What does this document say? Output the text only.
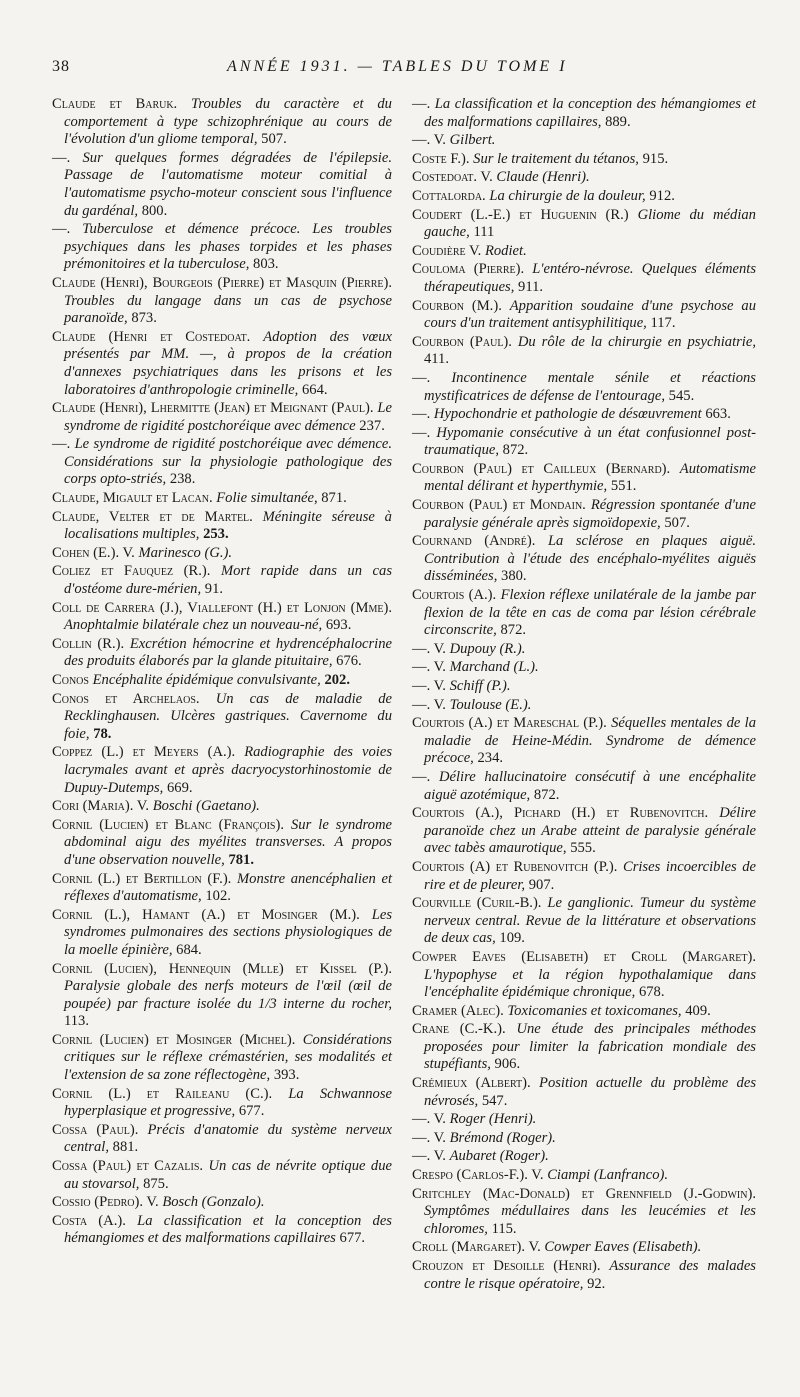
38	ANNÉE 1931. — TABLES DU TOME I

Claude et Baruk. Troubles du caractère et du comportement à type schizophrénique au cours de l'évolution d'un gliome temporal, 507.

—. Sur quelques formes dégradées de l'épilepsie. Passage de l'automatisme moteur comitial à l'automatisme psycho-moteur conscient sous l'influence du gardénal, 800.

—. Tuberculose et démence précoce. Les troubles psychiques dans les phases torpides et les phases prémonitoires et la tuberculose, 803.

Claude (Henri), Bourgeois (Pierre) et Masquin (Pierre). Troubles du langage dans un cas de psychose paranoïde, 873.

Claude (Henri et Costedoat. Adoption des vœux présentés par MM. —, à propos de la création d'annexes psychiatriques dans les prisons et les laboratoires d'anthropologie criminelle, 664.

Claude (Henri), Lhermitte (Jean) et Meignant (Paul). Le syndrome de rigidité postchoréique avec démence 237.

—. Le syndrome de rigidité postchoréique avec démence. Considérations sur la physiologie pathologique des corps opto-striés, 238.

Claude, Migault et Lacan. Folie simultanée, 871.

Claude, Velter et de Martel. Méningite séreuse à localisations multiples, 253.

Cohen (E.). V. Marinesco (G.).

Coliez et Fauquez (R.). Mort rapide dans un cas d'ostéome dure-mérien, 91.

Coll de Carrera (J.), Viallefont (H.) et Lonjon (Mme). Anophtalmie bilatérale chez un nouveau-né, 693.

Collin (R.). Excrétion hémocrine et hydrencéphalocrine des produits élaborés par la glande pituitaire, 676.

Conos Encéphalite épidémique convulsivante, 202.

Conos et Archelaos. Un cas de maladie de Recklinghausen. Ulcères gastriques. Cavernome du foie, 78.

Coppez (L.) et Meyers (A.). Radiographie des voies lacrymales avant et après dacryocystorhinostomie de Dupuy-Dutemps, 669.

Cori (Maria). V. Boschi (Gaetano).

Cornil (Lucien) et Blanc (François). Sur le syndrome abdominal aigu des myélites transverses. A propos d'une observation nouvelle, 781.

Cornil (L.) et Bertillon (F.). Monstre anencéphalien et réflexes d'automatisme, 102.

Cornil (L.), Hamant (A.) et Mosinger (M.). Les syndromes pulmonaires des sections physiologiques de la moelle épinière, 684.

Cornil (Lucien), Hennequin (Mlle) et Kissel (P.). Paralysie globale des nerfs moteurs de l'œil (œil de poupée) par fracture isolée du 1/3 interne du rocher, 113.

Cornil (Lucien) et Mosinger (Michel). Considérations critiques sur le réflexe crémastérien, ses modalités et l'extension de sa zone réflectogène, 393.

Cornil (L.) et Raileanu (C.). La Schwannose hyperplasique et progressive, 677.

Cossa (Paul). Précis d'anatomie du système nerveux central, 881.

Cossa (Paul) et Cazalis. Un cas de névrite optique due au stovarsol, 875.

Cossio (Pedro). V. Bosch (Gonzalo).

Costa (A.). La classification et la conception des hémangiomes et des malformations capillaires 677.

—. La classification et la conception des hémangiomes et des malformations capillaires, 889.

—. V. Gilbert.

Coste F.). Sur le traitement du tétanos, 915.

Costedoat. V. Claude (Henri).

Cottalorda. La chirurgie de la douleur, 912.

Coudert (L.-E.) et Huguenin (R.) Gliome du médian gauche, 111

Coudière V. Rodiet.

Couloma (Pierre). L'entéro-névrose. Quelques éléments thérapeutiques, 911.

Courbon (M.). Apparition soudaine d'une psychose au cours d'un traitement antisyphilitique, 117.

Courbon (Paul). Du rôle de la chirurgie en psychiatrie, 411.

—. Incontinence mentale sénile et réactions mystificatrices de défense de l'entourage, 545.

—. Hypochondrie et pathologie de désœuvrement 663.

—. Hypomanie consécutive à un état confusionnel post-traumatique, 872.

Courbon (Paul) et Cailleux (Bernard). Automatisme mental délirant et hyperthymie, 551.

Courbon (Paul) et Mondain. Régression spontanée d'une paralysie générale après sigmoïdopexie, 507.

Cournand (André). La sclérose en plaques aiguë. Contribution à l'étude des encéphalo-myélites aiguës disséminées, 380.

Courtois (A.). Flexion réflexe unilatérale de la jambe par flexion de la tête en cas de coma par lésion cérébrale circonscrite, 872.

—. V. Dupouy (R.).

—. V. Marchand (L.).

—. V. Schiff (P.).

—. V. Toulouse (E.).

Courtois (A.) et Mareschal (P.). Séquelles mentales de la maladie de Heine-Médin. Syndrome de démence précoce, 234.

—. Délire hallucinatoire consécutif à une encéphalite aiguë azotémique, 872.

Courtois (A.), Pichard (H.) et Rubenovitch. Délire paranoïde chez un Arabe atteint de paralysie générale avec tabès amaurotique, 555.

Courtois (A) et Rubenovitch (P.). Crises incoercibles de rire et de pleurer, 907.

Courville (Curil-B.). Le ganglionic. Tumeur du système nerveux central. Revue de la littérature et observations de deux cas, 109.

Cowper Eaves (Elisabeth) et Croll (Margaret). L'hypophyse et la région hypothalamique dans l'encéphalite épidémique chronique, 678.

Cramer (Alec). Toxicomanies et toxicomanes, 409.

Crane (C.-K.). Une étude des principales méthodes proposées pour limiter la fabrication mondiale des stupéfiants, 906.

Crémieux (Albert). Position actuelle du problème des névrosés, 547.

—. V. Roger (Henri).

—. V. Brémond (Roger).

—. V. Aubaret (Roger).

Crespo (Carlos-F.). V. Ciampi (Lanfranco).

Critchley (Mac-Donald) et Grennfield (J.-Godwin). Symptômes médullaires dans les leucémies et les chloromes, 115.

Croll (Margaret). V. Cowper Eaves (Elisabeth).

Crouzon et Desoille (Henri). Assurance des malades contre le risque opératoire, 92.
